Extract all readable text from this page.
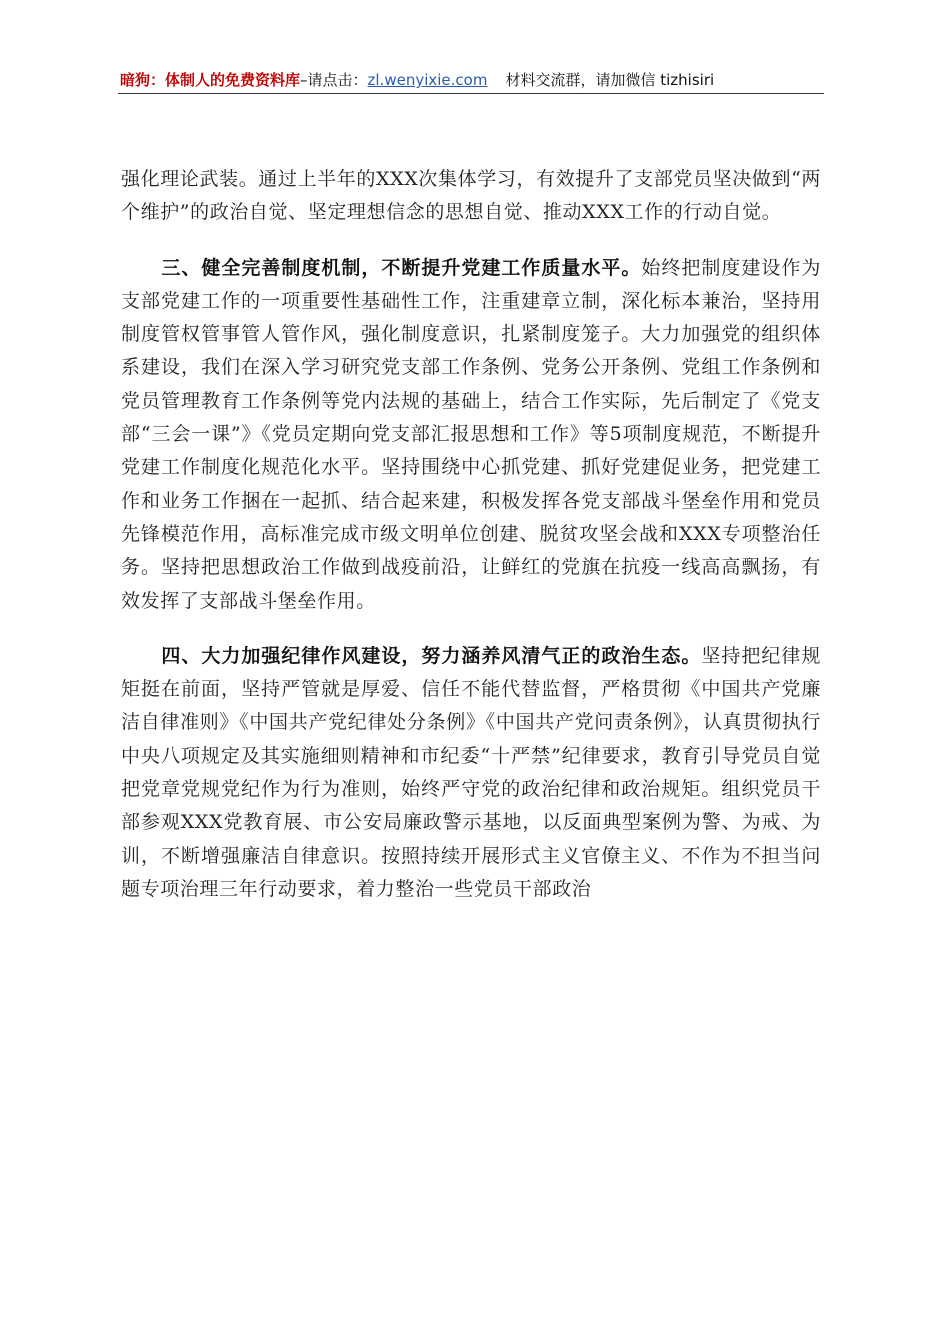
暗狗：体制人的免费资料库–请点击：zl.wenyixie.com 材料交流群，请加微信 tizhisiri

强化理论武装。通过上半年的XXX次集体学习，有效提升了支部党员坚决做到“两个维护”的政治自觉、坚定理想信念的思想自觉、推动XXX工作的行动自觉。

三、健全完善制度机制，不断提升党建工作质量水平。始终把制度建设作为支部党建工作的一项重要性基础性工作，注重建章立制，深化标本兼治，坚持用制度管权管事管人管作风，强化制度意识，扎紧制度笼子。大力加强党的组织体系建设，我们在深入学习研究党支部工作条例、党务公开条例、党组工作条例和党员管理教育工作条例等党内法规的基础上，结合工作实际，先后制定了《党支部“三会一课”》《党员定期向党支部汇报思想和工作》等5项制度规范，不断提升党建工作制度化规范化水平。坚持围绕中心抓党建、抓好党建促业务，把党建工作和业务工作捆在一起抓、结合起来建，积极发挥各党支部战斗堡垒作用和党员先锋模范作用，高标准完成市级文明单位创建、脱贫攻坚会战和XXX专项整治任务。坚持把思想政治工作做到战疫前沿，让鲜红的党旗在抗疫一线高高飘扬，有效发挥了支部战斗堡垒作用。

四、大力加强纪律作风建设，努力涵养风清气正的政治生态。坚持把纪律规矩挺在前面，坚持严管就是厚爱、信任不能代替监督，严格贯彻《中国共产党廉洁自律准则》《中国共产党纪律处分条例》《中国共产党问责条例》，认真贯彻执行中央八项规定及其实施细则精神和市纪委“十严禁”纪律要求，教育引导党员自觉把党章党规党纪作为行为准则，始终严守党的政治纪律和政治规矩。组织党员干部参观XXX党教育展、市公安局廉政警示基地，以反面典型案例为警、为戒、为训，不断增强廉洁自律意识。按照持续开展形式主义官僚主义、不作为不担当问题专项治理三年行动要求，着力整治一些党员干部政治
